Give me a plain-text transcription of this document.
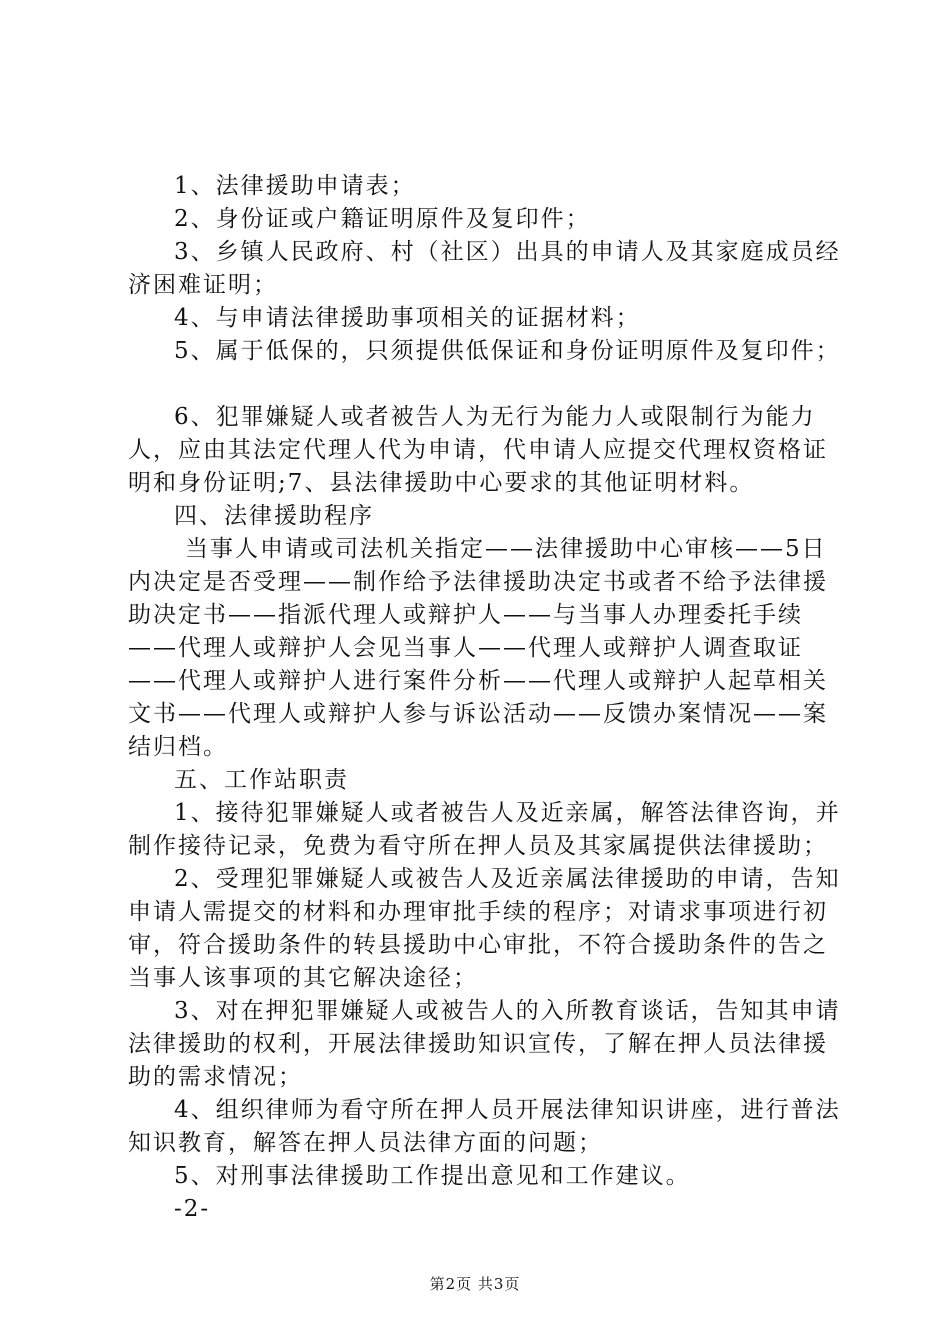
1、法律援助申请表；

2、身份证或户籍证明原件及复印件；

3、乡镇人民政府、村（社区）出具的申请人及其家庭成员经济困难证明；

4、与申请法律援助事项相关的证据材料；

5、属于低保的，只须提供低保证和身份证明原件及复印件；

6、犯罪嫌疑人或者被告人为无行为能力人或限制行为能力人，应由其法定代理人代为申请，代申请人应提交代理权资格证明和身份证明;7、县法律援助中心要求的其他证明材料。

四、法律援助程序

当事人申请或司法机关指定——法律援助中心审核——5日内决定是否受理——制作给予法律援助决定书或者不给予法律援助决定书——指派代理人或辩护人——与当事人办理委托手续——代理人或辩护人会见当事人——代理人或辩护人调查取证——代理人或辩护人进行案件分析——代理人或辩护人起草相关文书——代理人或辩护人参与诉讼活动——反馈办案情况——案结归档。

五、工作站职责

1、接待犯罪嫌疑人或者被告人及近亲属，解答法律咨询，并制作接待记录，免费为看守所在押人员及其家属提供法律援助；

2、受理犯罪嫌疑人或被告人及近亲属法律援助的申请，告知申请人需提交的材料和办理审批手续的程序；对请求事项进行初审，符合援助条件的转县援助中心审批，不符合援助条件的告之当事人该事项的其它解决途径；

3、对在押犯罪嫌疑人或被告人的入所教育谈话，告知其申请法律援助的权利，开展法律援助知识宣传，了解在押人员法律援助的需求情况；

4、组织律师为看守所在押人员开展法律知识讲座，进行普法知识教育，解答在押人员法律方面的问题；

5、对刑事法律援助工作提出意见和工作建议。

-2-

第2页 共3页
